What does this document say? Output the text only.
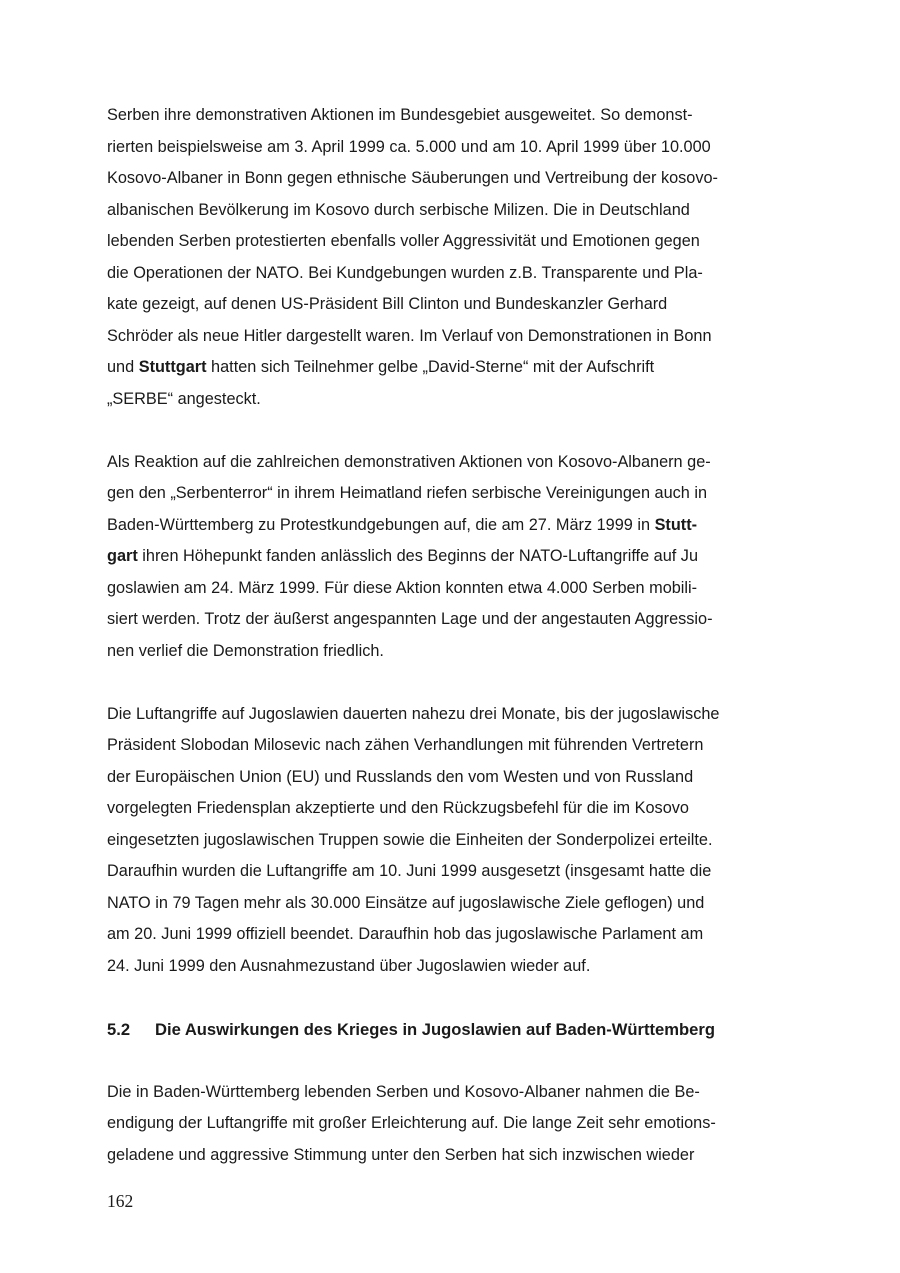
Serben ihre demonstrativen Aktionen im Bundesgebiet ausgeweitet. So demonst-
rierten beispielsweise am 3. April 1999 ca. 5.000 und am 10. April 1999 über 10.000
Kosovo-Albaner in Bonn gegen ethnische Säuberungen und Vertreibung der kosovo-
albanischen Bevölkerung im Kosovo durch serbische Milizen. Die in Deutschland
lebenden Serben protestierten ebenfalls voller Aggressivität und Emotionen gegen
die Operationen der NATO. Bei Kundgebungen wurden z.B. Transparente und Pla-
kate gezeigt, auf denen US-Präsident Bill Clinton und Bundeskanzler Gerhard
Schröder als neue Hitler dargestellt waren. Im Verlauf von Demonstrationen in Bonn
und Stuttgart hatten sich Teilnehmer gelbe „David-Sterne“ mit der Aufschrift
„SERBE“ angesteckt.

Als Reaktion auf die zahlreichen demonstrativen Aktionen von Kosovo-Albanern ge-
gen den „Serbenterror“ in ihrem Heimatland riefen serbische Vereinigungen auch in
Baden-Württemberg zu Protestkundgebungen auf, die am 27. März 1999 in Stutt-
gart ihren Höhepunkt fanden anlässlich des Beginns der NATO-Luftangriffe auf Ju
goslawien am 24. März 1999. Für diese Aktion konnten etwa 4.000 Serben mobili-
siert werden. Trotz der äußerst angespannten Lage und der angestauten Aggressio-
nen verlief die Demonstration friedlich.

Die Luftangriffe auf Jugoslawien dauerten nahezu drei Monate, bis der jugoslawische
Präsident Slobodan Milosevic nach zähen Verhandlungen mit führenden Vertretern
der Europäischen Union (EU) und Russlands den vom Westen und von Russland
vorgelegten Friedensplan akzeptierte und den Rückzugsbefehl für die im Kosovo
eingesetzten jugoslawischen Truppen sowie die Einheiten der Sonderpolizei erteilte.
Daraufhin wurden die Luftangriffe am 10. Juni 1999 ausgesetzt (insgesamt hatte die
NATO in 79 Tagen mehr als 30.000 Einsätze auf jugoslawische Ziele geflogen) und
am 20. Juni 1999 offiziell beendet. Daraufhin hob das jugoslawische Parlament am
24. Juni 1999 den Ausnahmezustand über Jugoslawien wieder auf.

5.2 Die Auswirkungen des Krieges in Jugoslawien auf Baden-Württemberg

Die in Baden-Württemberg lebenden Serben und Kosovo-Albaner nahmen die Be-
endigung der Luftangriffe mit großer Erleichterung auf. Die lange Zeit sehr emotions-
geladene und aggressive Stimmung unter den Serben hat sich inzwischen wieder

162
